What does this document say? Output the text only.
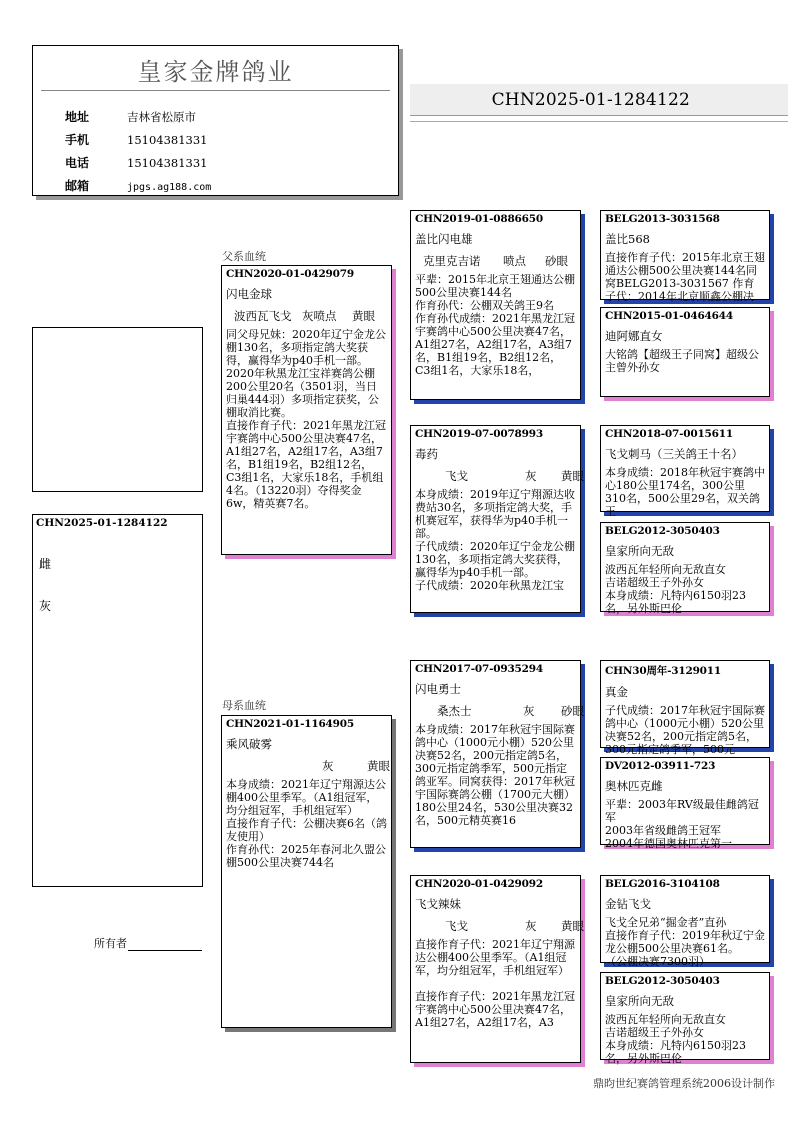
皇家金牌鸽业
地址	吉林省松原市
手机	15104381331
电话	15104381331
邮箱	jpgs.ag188.com
CHN2025-01-1284122
CHN2025-01-1284122
雌
灰
所有者
父系血统
母系血统
CHN2020-01-0429079
闪电金球
波西瓦飞戈 灰喷点 黄眼

同父母兄妹：2020年辽宁金龙公棚130名，多项指定鸽大奖获得，赢得华为p40手机一部。

2020年秋黑龙江宝祥赛鸽公棚200公里20名（3501羽，当日归巢444羽）多项指定获奖，公棚取消比赛。

直接作育子代：2021年黑龙江冠宇赛鸽中心500公里决赛47名，A1组27名，A2组17名，A3组7名，B1组19名，B2组12名，C3组1名，大家乐18名，手机组4名。（13220羽）夺得奖金6w，精英赛7名。

CHN2021-01-1164905
乘风破雾
灰	黄眼

本身成绩：2021年辽宁翔源达公棚400公里季军。（A1组冠军，均分组冠军，手机组冠军）

直接作育子代：公棚决赛6名（鸽友使用）

作育孙代：2025年春河北久盟公棚500公里决赛744名

CHN2019-01-0886650
盖比闪电雄
克里克吉诺 喷点 砂眼

平辈：2015年北京王翅通达公棚500公里决赛144名

作育孙代：公棚双关鸽王9名

作育孙代成绩：2021年黑龙江冠宇赛鸽中心500公里决赛47名，A1组27名，A2组17名，A3组7名，B1组19名，B2组12名，C3组1名，大家乐18名，

CHN2019-07-0078993
毒药
飞戈	灰 黄眼

本身成绩：2019年辽宁翔源达收费站30名，多项指定鸽大奖，手机赛冠军，获得华为p40手机一部。

子代成绩：2020年辽宁金龙公棚130名，多项指定鸽大奖获得，赢得华为p40手机一部。

子代成绩：2020年秋黑龙江宝

CHN2017-07-0935294
闪电勇士
桑杰士	灰 砂眼

本身成绩：2017年秋冠宇国际赛鸽中心（1000元小棚）520公里决赛52名，200元指定鸽5名，300元指定鸽季军，500元指定鸽亚军。同窝获得：2017年秋冠宇国际赛鸽公棚（1700元大棚）180公里24名，530公里决赛32名，500元精英赛16

CHN2020-01-0429092
飞戈辣妹
飞戈	灰 黄眼

直接作育子代：2021年辽宁翔源达公棚400公里季军。（A1组冠军，均分组冠军，手机组冠军）

直接作育子代：2021年黑龙江冠宇赛鸽中心500公里决赛47名，A1组27名，A2组17名，A3

BELG2013-3031568
盖比568

直接作育子代：2015年北京王翅通达公棚500公里决赛144名同窝BELG2013-3031567 作育子代：2014年北京顺鑫公棚决

CHN2015-01-0464644
迪阿娜直女

大铭鸽【超级王子同窝】超级公主曾外孙女

CHN2018-07-0015611
飞戈刺马（三关鸽王十名）

本身成绩：2018年秋冠宇赛鸽中心180公里174名，300公里310名，500公里29名，双关鸽王

BELG2012-3050403
皇家所向无敌

波西瓦年轻所向无敌直女

吉诺超级王子外孙女

本身成绩：凡特内6150羽23名，另外斯巴伦

CHN30周年-3129011
真金

子代成绩：2017年秋冠宇国际赛鸽中心（1000元小棚）520公里决赛52名，200元指定鸽5名，300元指定鸽季军，500元

DV2012-03911-723
奥林匹克雌

平辈：2003年RV级最佳雌鸽冠军

2003年省级雌鸽王冠军

2004年德国奥林匹克第一

BELG2016-3104108
金钻飞戈

飞戈全兄弟“掘金者”直孙

直接作育子代：2019年秋辽宁金龙公棚500公里决赛61名。

（公棚决赛7300羽）

BELG2012-3050403
皇家所向无敌

波西瓦年轻所向无敌直女

吉诺超级王子外孙女

本身成绩：凡特内6150羽23名，另外斯巴伦

鼎昀世纪赛鸽管理系统2006设计制作
